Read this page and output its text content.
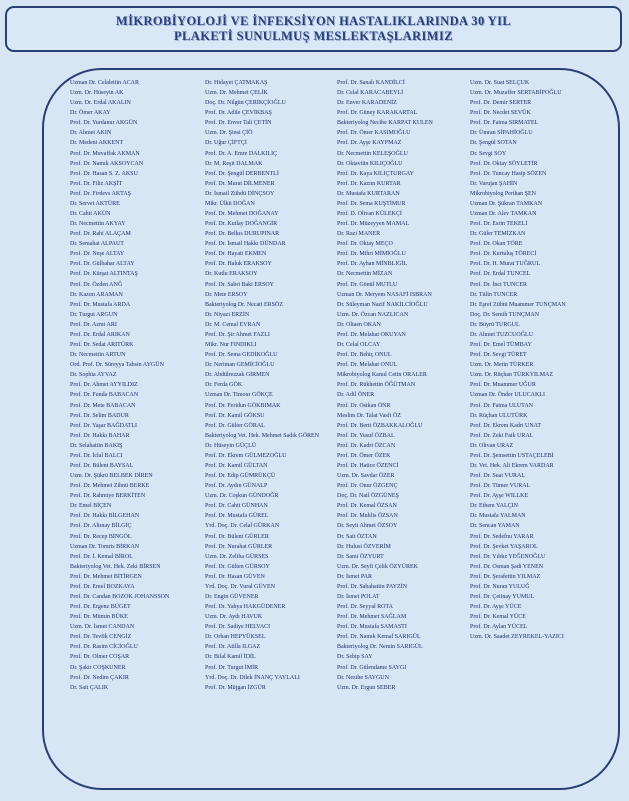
MİKROBİYOLOJİ VE İNFEKSİYON HASTALIKLARINDA 30 YIL
PLAKETİ SUNULMUŞ MESLEKTAŞLARIMIZ
Uzman Dr. Celalettin ACAR
Uzm. Dr. Hüseyin AK
Uzm. Dr. Erdal AKALIN
Dr. Ömer AKAY
Prof. Dr. Yurdanur AKGÜN
Dr. Ahmet AKIN
Dr. Medeni AKKENT
Prof. Dr. Muvaffak AKMAN
Prof. Dr. Namık AKSOYCAN
Prof. Dr. Hasan S. Z. AKSU
Prof. Dr. Filiz AKŞİT
Prof. Dr. Firdevs AKTAŞ
Dr. Servet AKTÜRE
Dr. Cahit AKÜN
Dr. Necmettin AKYAY
Prof. Dr. Rahi ALAÇAM
Dr. Semahat ALPAUT
Prof. Dr. Neşe ALTAY
Prof. Dr. Gülbahar ALTAY
Prof. Dr. Kürşat ALTINTAŞ
Prof. Dr. Özden ANĞ
Dr. Kazım ARAMAN
Prof. Dr. Mustafa ARDA
Dr. Turgut ARGUN
Prof. Dr. Azmi ARI
Prof. Dr. Erdal ARIKAN
Prof. Dr. Sedat ARITÜRK
Dr. Necmettin ARTUN
Ord. Prof. Dr. Süreyya Tahsin AYGÜN
Dr. Sophia AYVAZ
Prof. Dr. Ahmet AYYILDIZ
Prof. Dr. Funda BABACAN
Prof. Dr. Mete BABACAN
Prof. Dr. Selim BADUR
Prof. Dr. Yaşar BAĞDATLI
Prof. Dr. Hakkı BAHAR
Dr. Selahattin BAKIŞ
Prof. Dr. İclal BALCI
Prof. Dr. Bülent BAYSAL
Uzm. Dr. Şükrü BELBEK DİREN
Prof. Dr. Mehmet Zihnü BERKE
Prof. Dr. Rahmiye BERKİTEN
Dr. Emel BİÇEN
Prof. Dr. Hakkı BİLGEHAN
Prof. Dr. Altınay BİLGİÇ
Prof. Dr. Recep BİNGÖL
Uzman Dr. Tomris BİRKAN
Prof. Dr. İ. Kemal BİROL
Bakteriyolog Vet. Hek. Zeki BİRSEN
Prof. Dr. Mehmet BİTİRGEN
Prof. Dr. Emel BOZKAYA
Prof. Dr. Candan BOZOK JOHANSSON
Prof. Dr. Ergenz BÜGET
Prof. Dr. Mümin BÜKE
Uzm. Dr. İsmet CANDAN
Prof. Dr. Tevfik CENGİZ
Prof. Dr. Rasim CİCİOĞLU
Prof. Dr. Olmer COŞAR
Dr. Şakir COŞKUNER
Prof. Dr. Nedim ÇAKIR
Dr. Sait ÇALIK
Dr. Hidayet ÇATMAKAŞ
Uzm. Dr. Mehmet ÇELİK
Doç. Dr. Nilgün ÇERİKÇİOĞLU
Prof. Dr. Adile ÇEVİKBAŞ
Prof. Dr. Enver Tali ÇETİN
Uzm. Dr. Şinsi ÇİÖ
Dr. Uğur ÇİFTÇİ
Prof. Dr. A. Emre DALKILIÇ
Dr. M. Reşit DALMAK
Prof. Dr. Şengül DERBENTLİ
Prof. Dr. Murat DİLMENER
Dr. İsmail Zühdü DİNÇSOY
Mikr. Ülkü DOĞAN
Prof. Dr. Mehmet DOĞANAY
Prof. Dr. Kutlay DOĞANGİR
Prof. Dr. Belkıs DURUPINAR
Prof. Dr. İsmail Hakkı DÜNDAR
Prof. Dr. Hayati EKMEN
Prof. Dr. Haluk ERAKSOY
Dr. Kutlu ERAKSOY
Prof. Dr. Sabri Baki ERSOY
Dr. Mete ERSOY
Bakteriyolog Dr. Necati ERSÖZ
Dr. Niyazi ERZİN
Dr. M. Cemal EVRAN
Prof. Dr. Şir Ahmet FAZLI
Mikr. Nur FINDIKLI
Prof. Dr. Sema GEDİKOĞLU
Dr. Neriman GEMİCİOĞLU
Dr. Abdülrezzak GİRMEN
Dr. Ferda GÖK
Uzman Dr. Timour GÖKÇE
Prof. Dr. Feridun GÖKBIMAK
Prof. Dr. Kamil GÖKSU
Prof. Dr. Gülter GÖRAL
Bakteriyolog Vet. Hek. Mehmet Sadık GÖREN
Dr. Hüseyin GÜÇLÜ
Prof. Dr. Ekrem GÜLMEZOĞLU
Prof. Dr. Kamil GÜLTAN
Prof. Dr. Edip GÜMRÜKÇÜ
Prof. Dr. Aydın GÜNALP
Uzm. Dr. Coşkun GÜNDOĞR
Prof. Dr. Cahit GÜNHAN
Prof. Dr. Mustafa GÜREL
Yrd. Doç. Dr. Celal GÜRKAN
Prof. Dr. Bülent GÜRLER
Prof. Dr. Nurahat GÜRLER
Uzm. Dr. Zeliha GÜRSES
Prof. Dr. Gülten GÜRSOY
Prof. Dr. Hasan GÜVEN
Yrd. Doç. Dr. Vural GÜVEN
Dr. Engin GÜVENER
Prof. Dr. Yahya HAKGÜDENER
Uzm. Dr. Aydı HAVUK
Prof. Dr. Sadiye HELVACI
Dr. Orhan HEPYÜKSEL
Prof. Dr. Atilla ILGAZ
Dr. Bilal Kamil İDİL
Prof. Dr. Turgut İMİR
Yrd. Doç. Dr. Dilek İNANÇ YAYLALI
Prof. Dr. Müjgan İZGÜR
Prof. Dr. Sanalı KANDİLCİ
Dr. Celal KARACABEYLİ
Dr. Enver KARADENİZ
Prof. Dr. Güney KARAKARTAL
Bakteriyolog Necibe KARPAT KULEN
Prof. Dr. Ömer KASIMOĞLU
Prof. Dr. Ayşe KAYPMAZ
Dr. Necmettin KELEŞOĞLU
Dr. Oktaviün KILIÇOĞLU
Prof. Dr. Kaya KILIÇTURGAY
Prof. Dr. Kazım KURTAR
Dr. Mustafa KURTARAN
Prof. Dr. Sema KUŞTİMUR
Prof. D. Oltvan KÜLEKÇİ
Prof. Dr. Müzeyyen MAMAL
Dr. Razi MANER
Prof. Dr. Oktay MEÇO
Prof. Dr. Mihri MİMİOĞLU
Prof. Dr. Ayhan MİNBLIGİL
Dr. Necmettin MİZAN
Prof. Dr. Gönül MUTLU
Uzman Dr. Meryem NASAFİ ISBRAN
Dr. Süleyman Nazif NAKİLCİOĞLU
Uzm. Dr. Özcan NAZLICAN
Dr. Oltaen OKAN
Prof. Dr. Melahat OKUYAN
Dr. Celal OLCAY
Prof. Dr. Behiç ONUL
Prof. Dr. Melahat ONUL
Mikrobiyolog Kamıl Cetin ORALER
Prof. Dr. Rükhettin ÖĞÜTMAN
Dr. Adil ÖNER
Prof. Dr. Ostkan ÖNR
Meslim Dr. Talat Vasfi ÖZ
Prof. Dr. Berti ÖZBAKKALOĞLU
Prof. Dr. Yusuf ÖZBAL
Prof. Dr. Kadri ÖZCAN
Prof. Dr. Ömer ÖZEK
Prof. Dr. Hatice ÖZENCİ
Uzm. Dr. Savdar ÖZER
Prof. Dr. Onur ÖZGENÇ
Doç. Dr. Nail ÖZGÜNEŞ
Prof. Dr. Kemal ÖZSAN
Prof. Dr. Muhlis ÖZSAN
Dr. Seyit Ahmet ÖZSOY
Dr. Sait ÖZTAN
Dr. Hulusi ÖZVERİM
Dr. Sami ÖZYURT
Uzm. Dr. Seyfi Çelik ÖZYÜREK
Dr. İsmet PAR
Prof. Dr. Sabahattin PAYZİN
Dr. İsmet POLAT
Prof. Dr. Seyyal ROTA
Prof. Dr. Mehmet SAĞLAM
Prof. Dr. Mustafa SAMASTI
Prof. Dr. Namık Kemal SARIGÜL
Bakteriyolog Dr. Nemin SARIGÜL
Dr. Sebip SAY
Prof. Dr. Gülendame SAYGI
Dr. Nezihe SAYGUN
Uzm. Dr. Ergun SEBER
Uzm. Dr. Suat SELÇUK
Uzm. Dr. Muzaffer SERTABİPOĞLU
Prof. Dr. Demir SERTER
Prof. Dr. Necdet SEVÜK
Prof. Dr. Fatma SIRMATEL
Dr. Ümran SİPAHİOĞLU
Dr. Şengül SOTAN
Dr. Sevgi SOY
Prof. Dr. Oktay SÖYLETİR
Prof. Dr. Tuncay Hasip SÖZEN
Dr. Varujan ŞAHİN
Mikrobiyolog Perihan ŞEN
Uzman Dr. Şükran TAMKAN
Uzman Dr. Alev TAMKAN
Prof. Dr. Esrin TEKELİ
Dr. Güler TEMİZKAN
Prof. Dr. Okan TÖRE
Prof. Dr. Kurtuluş TÖRECİ
Prof. Dr. H. Murat TUĞRUL
Prof. Dr. Erdal TUNCEL
Prof. Dr. İnci TUNCER
Dr. Tülin TUNCER
Dr. Eşref Zühtü Muammer TUNÇMAN
Doç. Dr. Semih TUNÇMAN
Dr. Büyrü TURGUL
Dr. Ahmet TUZCUOĞLU
Prof. Dr. Emel TÜMBAY
Prof. Dr. Sevgi TÜRET
Uzm. Dr. Metin TÜRKER
Uzm. Dr. Rüçhan TÜRKYILMAZ
Prof. Dr. Muammer UĞUR
Uzman Dr. Önder ULUCAKLI
Prof. Dr. Fatma ULUTAN
Dr. Rüçhan ULUTÜRK
Prof. Dr. Ekrem Kadri UNAT
Prof. Dr. Zeki Faik URAL
Dr. Oltvan URAZ
Prof. Dr. Şemsettin USTAÇELEBİ
Dr. Vet. Hek. Ali Ekrem VARDAR
Prof. Dr. Suat VURAL
Prof. Dr. Tümer VURAL
Prof. Dr. Ayşe WILLKE
Dr. Ethem YALÇIN
Dr. Mustafa YALMAN
Dr. Sencan YAMAN
Prof. Dr. Sedefnu YARAR
Prof. Dr. Şevket YAŞAROL
Prof. Dr. Yıldız YEĞENOĞLU
Prof. Dr. Osman Şadi YENEN
Prof. Dr. Şerafettin YILMAZ
Prof. Dr. Nuran YULUĞ
Prof. Dr. Çetinay YUMUL
Prof. Dr. Ayşe YÜCE
Prof. Dr. Kemal YÜCE
Prof. Dr. Aylan YÜCEL
Uzm. Dr. Saadet ZEYREKEL-YAZICI
